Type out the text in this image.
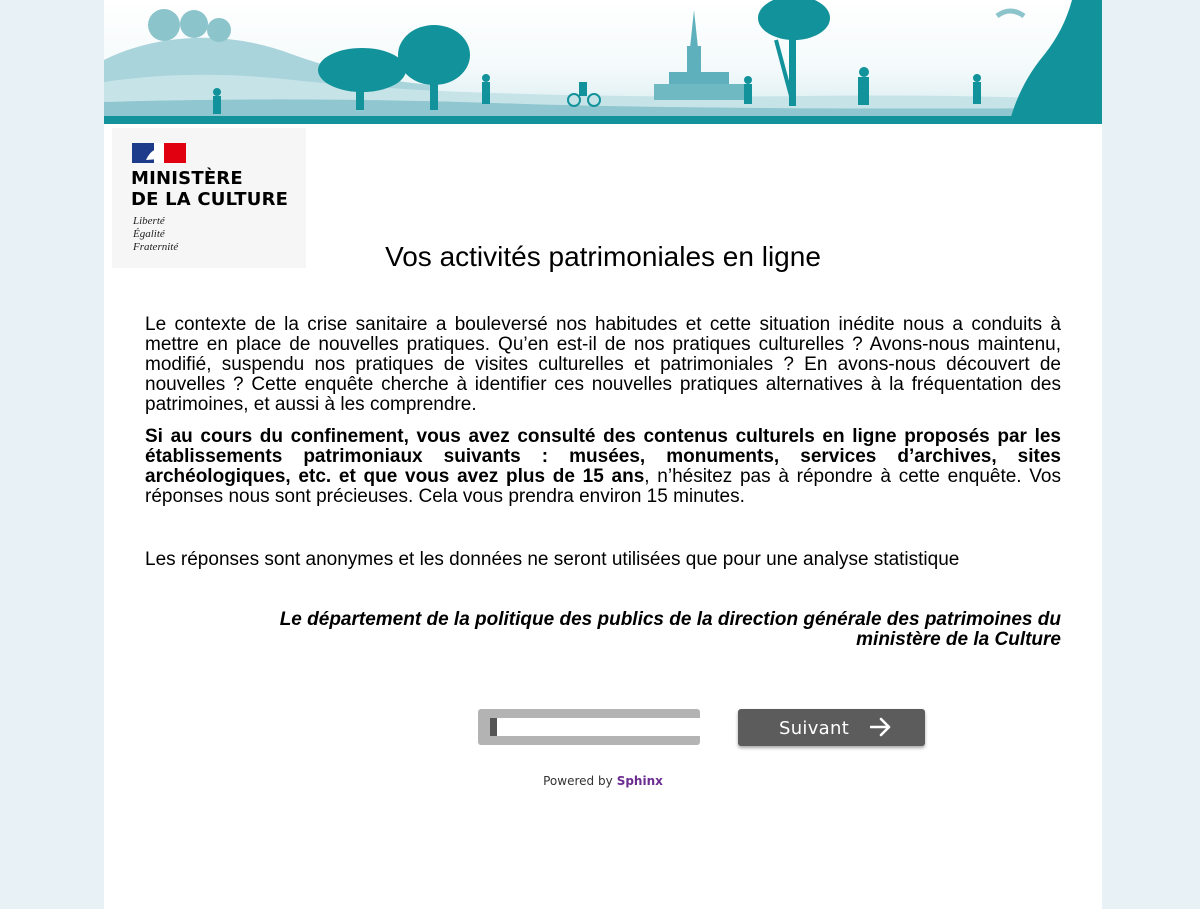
MINISTÈRE
DE LA CULTURE
Liberté
Égalité
Fraternité	Vos activités patrimoniales en ligne

Le contexte de la crise sanitaire a bouleversé nos habitudes et cette situation inédite nous a conduits à mettre en place de nouvelles pratiques. Qu’en est-il de nos pratiques culturelles ? Avons-nous maintenu, modifié, suspendu nos pratiques de visites culturelles et patrimoniales ? En avons-nous découvert de nouvelles ? Cette enquête cherche à identifier ces nouvelles pratiques alternatives à la fréquentation des patrimoines, et aussi à les comprendre.

Si au cours du confinement, vous avez consulté des contenus culturels en ligne proposés par les établissements patrimoniaux suivants : musées, monuments, services d’archives, sites archéologiques, etc. et que vous avez plus de 15 ans, n’hésitez pas à répondre à cette enquête. Vos réponses nous sont précieuses. Cela vous prendra environ 15 minutes.

Les réponses sont anonymes et les données ne seront utilisées que pour une analyse statistique

Le département de la politique des publics de la direction générale des patrimoines du
ministère de la Culture

Suivant
Powered by Sphinx
